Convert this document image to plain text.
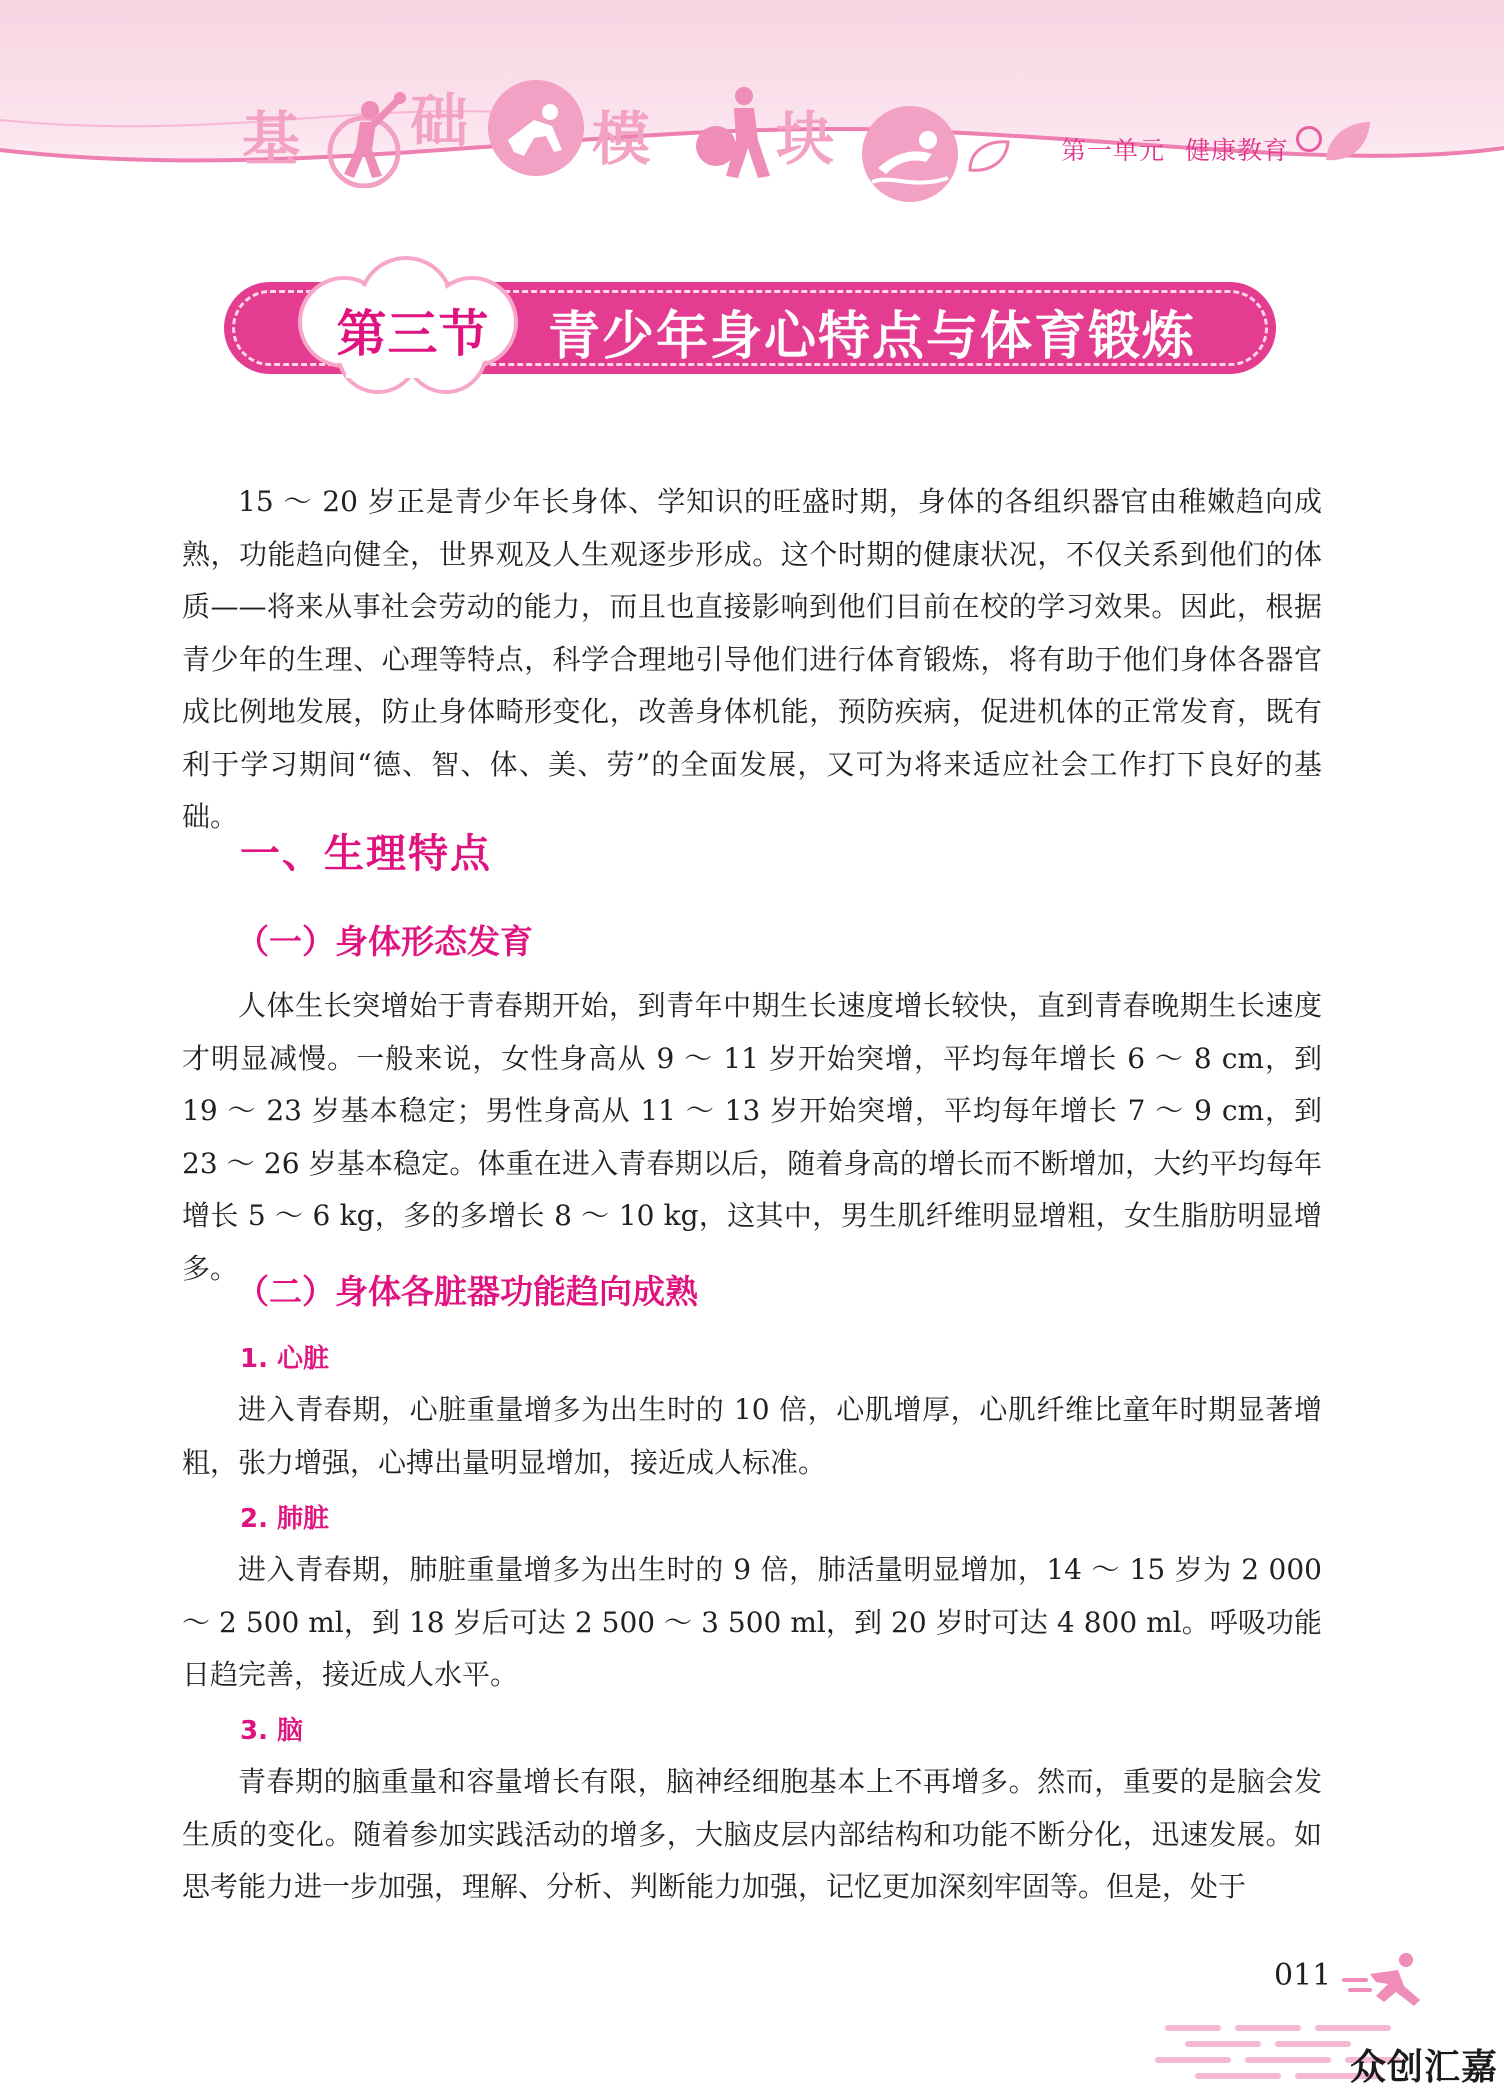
基 础 模 块	第一单元 健康教育
第三节	青少年身心特点与体育锻炼

15 ～ 20 岁正是青少年长身体、学知识的旺盛时期，身体的各组织器官由稚嫩趋向成熟，功能趋向健全，世界观及人生观逐步形成。这个时期的健康状况，不仅关系到他们的体质——将来从事社会劳动的能力，而且也直接影响到他们目前在校的学习效果。因此，根据青少年的生理、心理等特点，科学合理地引导他们进行体育锻炼，将有助于他们身体各器官成比例地发展，防止身体畸形变化，改善身体机能，预防疾病，促进机体的正常发育，既有利于学习期间“德、智、体、美、劳”的全面发展，又可为将来适应社会工作打下良好的基础。

一、生理特点
（一）身体形态发育

人体生长突增始于青春期开始，到青年中期生长速度增长较快，直到青春晚期生长速度才明显减慢。一般来说，女性身高从 9 ～ 11 岁开始突增，平均每年增长 6 ～ 8 cm，到 19 ～ 23 岁基本稳定；男性身高从 11 ～ 13 岁开始突增，平均每年增长 7 ～ 9 cm，到 23 ～ 26 岁基本稳定。体重在进入青春期以后，随着身高的增长而不断增加，大约平均每年增长 5 ～ 6 kg，多的多增长 8 ～ 10 kg，这其中，男生肌纤维明显增粗，女生脂肪明显增多。

（二）身体各脏器功能趋向成熟
1. 心脏

进入青春期，心脏重量增多为出生时的 10 倍，心肌增厚，心肌纤维比童年时期显著增粗，张力增强，心搏出量明显增加，接近成人标准。

2. 肺脏

进入青春期，肺脏重量增多为出生时的 9 倍，肺活量明显增加，14 ～ 15 岁为 2 000 ～ 2 500 ml，到 18 岁后可达 2 500 ～ 3 500 ml，到 20 岁时可达 4 800 ml。呼吸功能日趋完善，接近成人水平。

3. 脑

青春期的脑重量和容量增长有限，脑神经细胞基本上不再增多。然而，重要的是脑会发生质的变化。随着参加实践活动的增多，大脑皮层内部结构和功能不断分化，迅速发展。如思考能力进一步加强，理解、分析、判断能力加强，记忆更加深刻牢固等。但是，处于

011
众创汇嘉
